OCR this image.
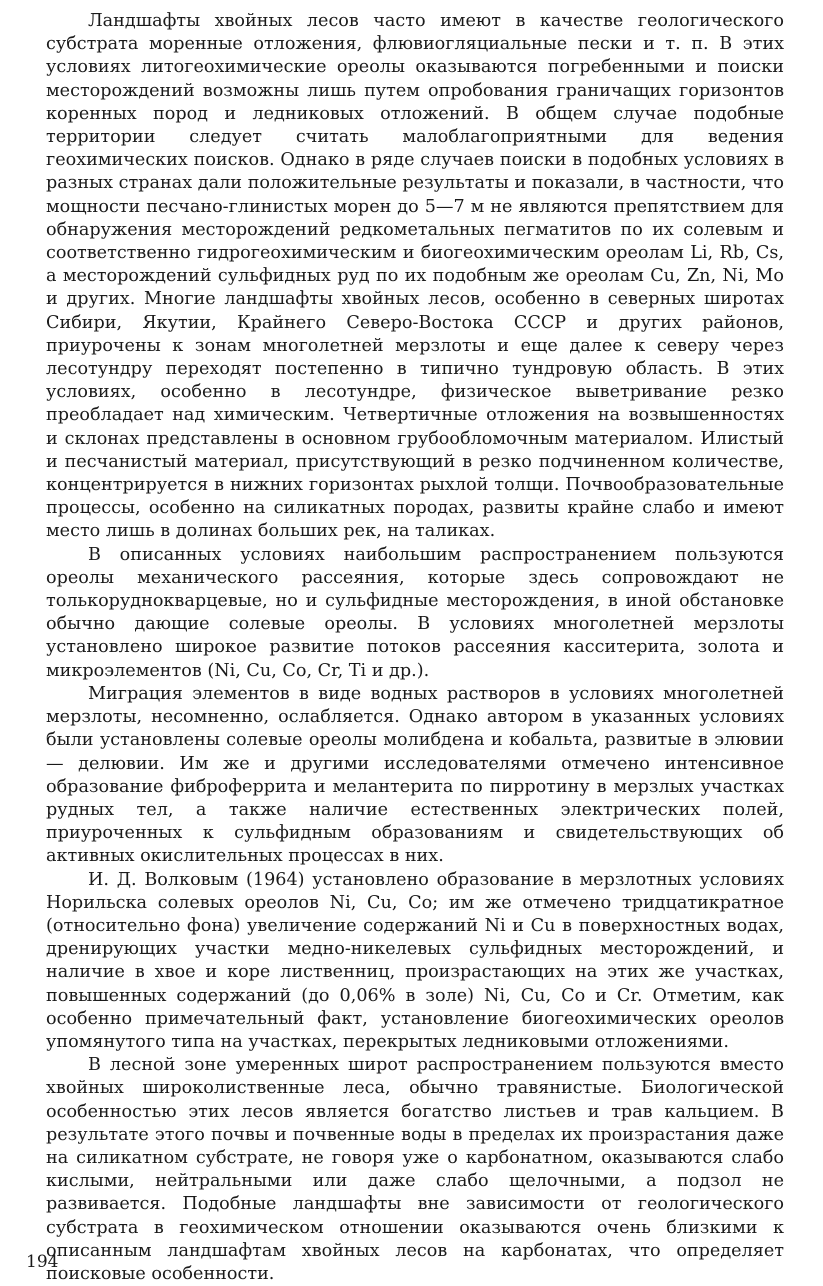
Ландшафты хвойных лесов часто имеют в качестве геологического субстрата моренные отложения, флювиогляциальные пески и т. п. В этих условиях литогеохимические ореолы оказываются погребенными и поиски месторождений возможны лишь путем опробования граничащих горизонтов коренных пород и ледниковых отложений. В общем случае подобные территории следует считать малоблагоприятными для ведения геохимических поисков. Однако в ряде случаев поиски в подобных условиях в разных странах дали положительные результаты и показали, в частности, что мощности песчано-глинистых морен до 5—7 м не являются препятствием для обнаружения месторождений редкометальных пегматитов по их солевым и соответственно гидрогеохимическим и биогеохимическим ореолам Li, Rb, Cs, а месторождений сульфидных руд по их подобным же ореолам Cu, Zn, Ni, Mo и других. Многие ландшафты хвойных лесов, особенно в северных широтах Сибири, Якутии, Крайнего Северо-Востока СССР и других районов, приурочены к зонам многолетней мерзлоты и еще далее к северу через лесотундру переходят постепенно в типично тундровую область. В этих условиях, особенно в лесотундре, физическое выветривание резко преобладает над химическим. Четвертичные отложения на возвышенностях и склонах представлены в основном грубообломочным материалом. Илистый и песчанистый материал, присутствующий в резко подчиненном количестве, концентрируется в нижних горизонтах рыхлой толщи. Почвообразовательные процессы, особенно на силикатных породах, развиты крайне слабо и имеют место лишь в долинах больших рек, на таликах.

В описанных условиях наибольшим распространением пользуются ореолы механического рассеяния, которые здесь сопровождают не толькоруднокварцевые, но и сульфидные месторождения, в иной обстановке обычно дающие солевые ореолы. В условиях многолетней мерзлоты установлено широкое развитие потоков рассеяния касситерита, золота и микроэлементов (Ni, Cu, Co, Cr, Ti и др.).

Миграция элементов в виде водных растворов в условиях многолетней мерзлоты, несомненно, ослабляется. Однако автором в указанных условиях были установлены солевые ореолы молибдена и кобальта, развитые в элювии — делювии. Им же и другими исследователями отмечено интенсивное образование фиброферрита и мелантерита по пирротину в мерзлых участках рудных тел, а также наличие естественных электрических полей, приуроченных к сульфидным образованиям и свидетельствующих об активных окислительных процессах в них.

И. Д. Волковым (1964) установлено образование в мерзлотных условиях Норильска солевых ореолов Ni, Cu, Co; им же отмечено тридцатикратное (относительно фона) увеличение содержаний Ni и Cu в поверхностных водах, дренирующих участки медно-никелевых сульфидных месторождений, и наличие в хвое и коре лиственниц, произрастающих на этих же участках, повышенных содержаний (до 0,06% в золе) Ni, Cu, Co и Cr. Отметим, как особенно примечательный факт, установление биогеохимических ореолов упомянутого типа на участках, перекрытых ледниковыми отложениями.

В лесной зоне умеренных широт распространением пользуются вместо хвойных широколиственные леса, обычно травянистые. Биологической особенностью этих лесов является богатство листьев и трав кальцием. В результате этого почвы и почвенные воды в пределах их произрастания даже на силикатном субстрате, не говоря уже о карбонатном, оказываются слабо кислыми, нейтральными или даже слабо щелочными, а подзол не развивается. Подобные ландшафты вне зависимости от геологического субстрата в геохимическом отношении оказываются очень близкими к описанным ландшафтам хвойных лесов на карбонатах, что определяет поисковые особенности.

194
